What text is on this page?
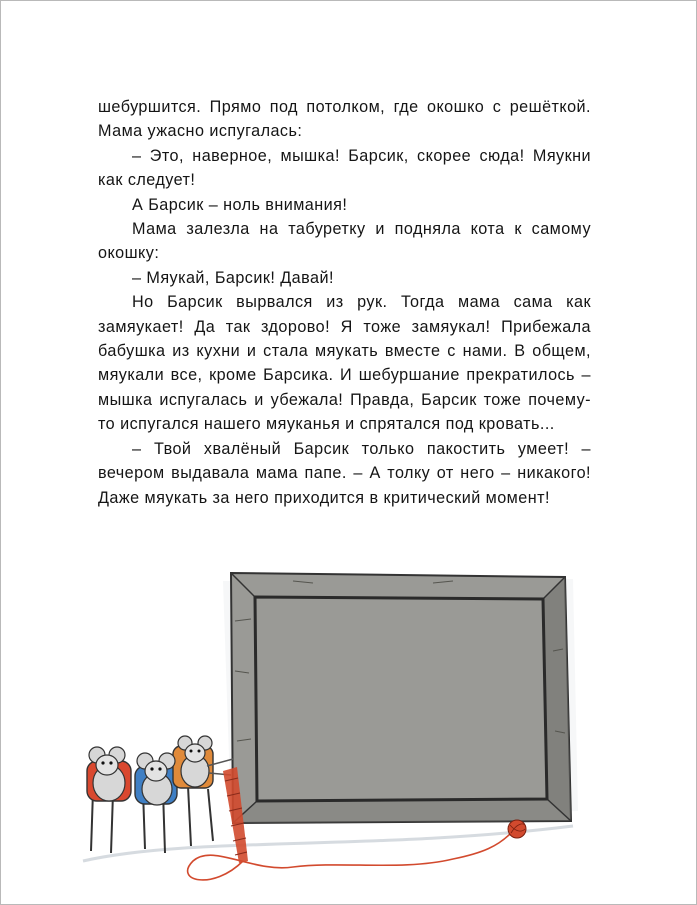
шебуршится. Прямо под потолком, где окошко с решёткой. Мама ужасно испугалась:

– Это, наверное, мышка! Барсик, скорее сюда! Мяукни как следует!

А Барсик – ноль внимания!

Мама залезла на табуретку и подняла кота к самому окошку:

– Мяукай, Барсик! Давай!

Но Барсик вырвался из рук. Тогда мама сама как замяукает! Да так здорово! Я тоже замяукал! Прибежала бабушка из кухни и стала мяукать вместе с нами. В общем, мяукали все, кроме Барсика. И шебуршание прекратилось – мышка испугалась и убежала! Правда, Барсик тоже почему-то испугался нашего мяуканья и спрятался под кровать...

– Твой хвалёный Барсик только пакостить умеет! – вечером выдавала мама папе. – А толку от него – никакого! Даже мяукать за него приходится в критический момент!
